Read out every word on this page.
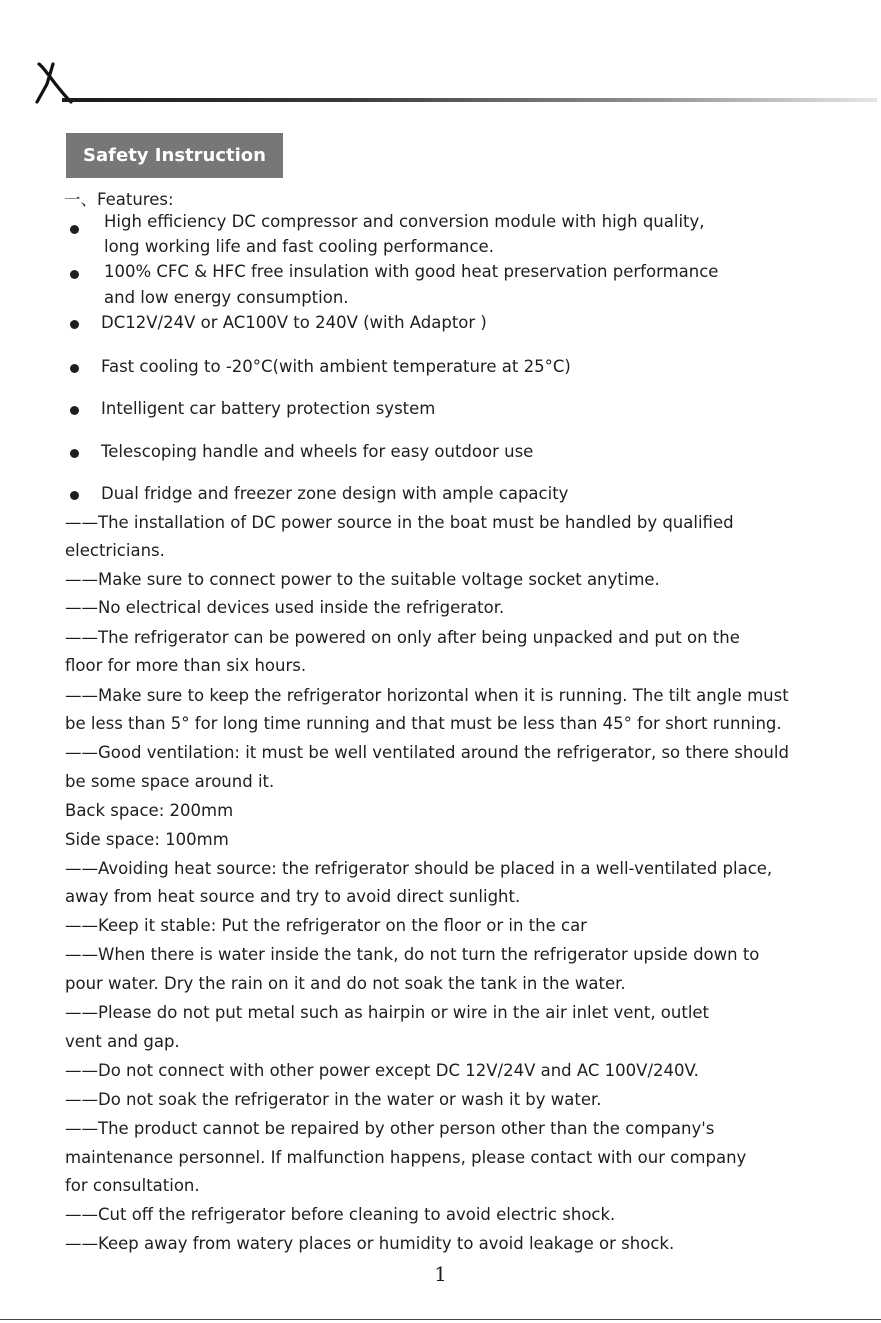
Safety Instruction
一、Features:
High efficiency DC compressor and conversion module with high quality,
long working life and fast cooling performance.
100% CFC & HFC free insulation with good heat preservation performance
and low energy consumption.
DC12V/24V or AC100V to 240V (with Adaptor )
Fast cooling to -20°C(with ambient temperature at 25°C)
Intelligent car battery protection system
Telescoping handle and wheels for easy outdoor use
Dual fridge and freezer zone design with ample capacity
——The installation of DC power source in the boat must be handled by qualified
electricians.
——Make sure to connect power to the suitable voltage socket anytime.
——No electrical devices used inside the refrigerator.
——The refrigerator can be powered on only after being unpacked and put on the
floor for more than six hours.
——Make sure to keep the refrigerator horizontal when it is running. The tilt angle must
be less than 5° for long time running and that must be less than 45° for short running.
——Good ventilation: it must be well ventilated around the refrigerator, so there should
be some space around it.
Back space: 200mm
Side space: 100mm
——Avoiding heat source: the refrigerator should be placed in a well-ventilated place,
away from heat source and try to avoid direct sunlight.
——Keep it stable: Put the refrigerator on the floor or in the car
——When there is water inside the tank, do not turn the refrigerator upside down to
pour water. Dry the rain on it and do not soak the tank in the water.
——Please do not put metal such as hairpin or wire in the air inlet vent, outlet
vent and gap.
——Do not connect with other power except DC 12V/24V and AC 100V/240V.
——Do not soak the refrigerator in the water or wash it by water.
——The product cannot be repaired by other person other than the company's
maintenance personnel. If malfunction happens, please contact with our company
for consultation.
——Cut off the refrigerator before cleaning to avoid electric shock.
——Keep away from watery places or humidity to avoid leakage or shock.
1
